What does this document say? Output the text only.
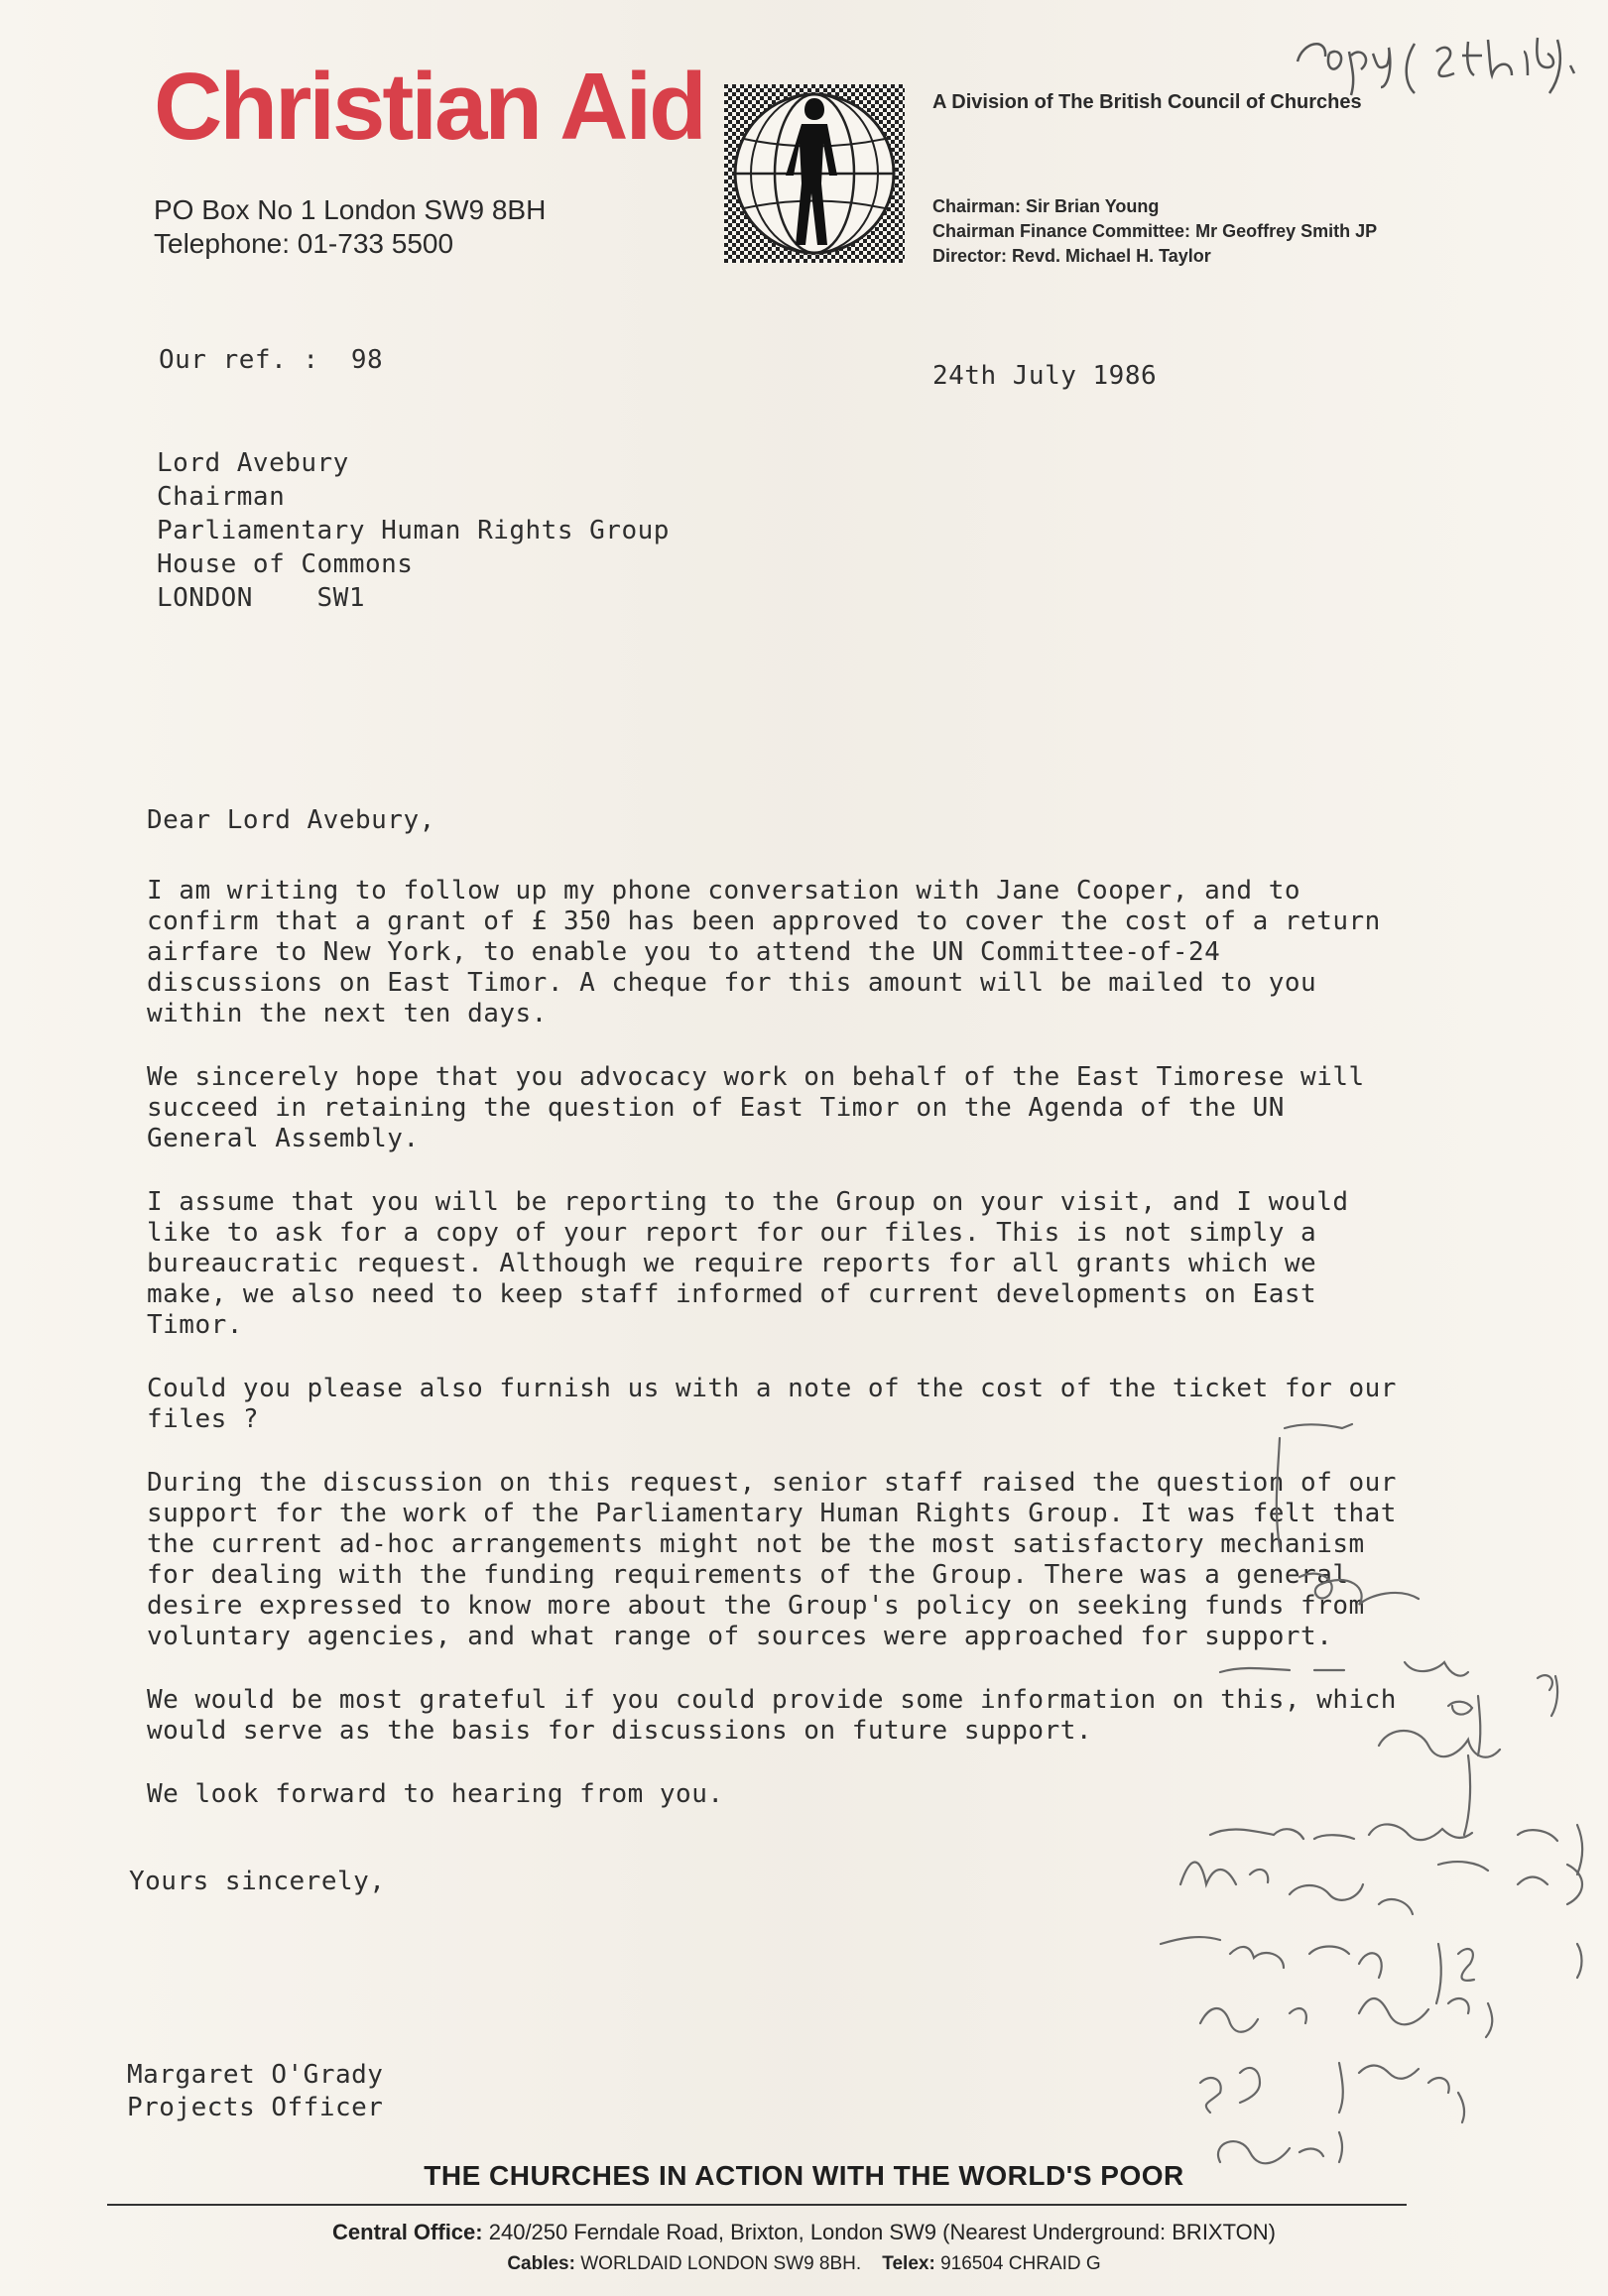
Christian Aid
PO Box No 1 London SW9 8BH
Telephone: 01-733 5500
A Division of The British Council of Churches
Chairman: Sir Brian Young
Chairman Finance Committee: Mr Geoffrey Smith JP
Director: Revd. Michael H. Taylor
Copy (9 th b.)
Our ref. :  98
24th July 1986
Lord Avebury
Chairman
Parliamentary Human Rights Group
House of Commons
LONDON    SW1

Dear Lord Avebury,

I am writing to follow up my phone conversation with Jane Cooper, and to confirm that a grant of £ 350 has been approved to cover the cost of a return airfare to New York, to enable you to attend the UN Committee-of-24 discussions on East Timor. A cheque for this amount will be mailed to you within the next ten days.

We sincerely hope that you advocacy work on behalf of the East Timorese will succeed in retaining the question of East Timor on the Agenda of the UN General Assembly.

I assume that you will be reporting to the Group on your visit, and I would like to ask for a copy of your report for our files. This is not simply a bureaucratic request. Although we require reports for all grants which we make, we also need to keep staff informed of current developments on East Timor.

Could you please also furnish us with a note of the cost of the ticket for our files ?

During the discussion on this request, senior staff raised the question of our support for the work of the Parliamentary Human Rights Group. It was felt that the current ad-hoc arrangements might not be the most satisfactory mechanism for dealing with the funding requirements of the Group. There was a general desire expressed to know more about the Group's policy on seeking funds from voluntary agencies, and what range of sources were approached for support.

We would be most grateful if you could provide some information on this, which would serve as the basis for discussions on future support.

We look forward to hearing from you.

Yours sincerely,
Margaret O'Grady
Projects Officer
THE CHURCHES IN ACTION WITH THE WORLD'S POOR
Central Office: 240/250 Ferndale Road, Brixton, London SW9 (Nearest Underground: BRIXTON)
Cables: WORLDAID LONDON SW9 8BH. Telex: 916504 CHRAID G
